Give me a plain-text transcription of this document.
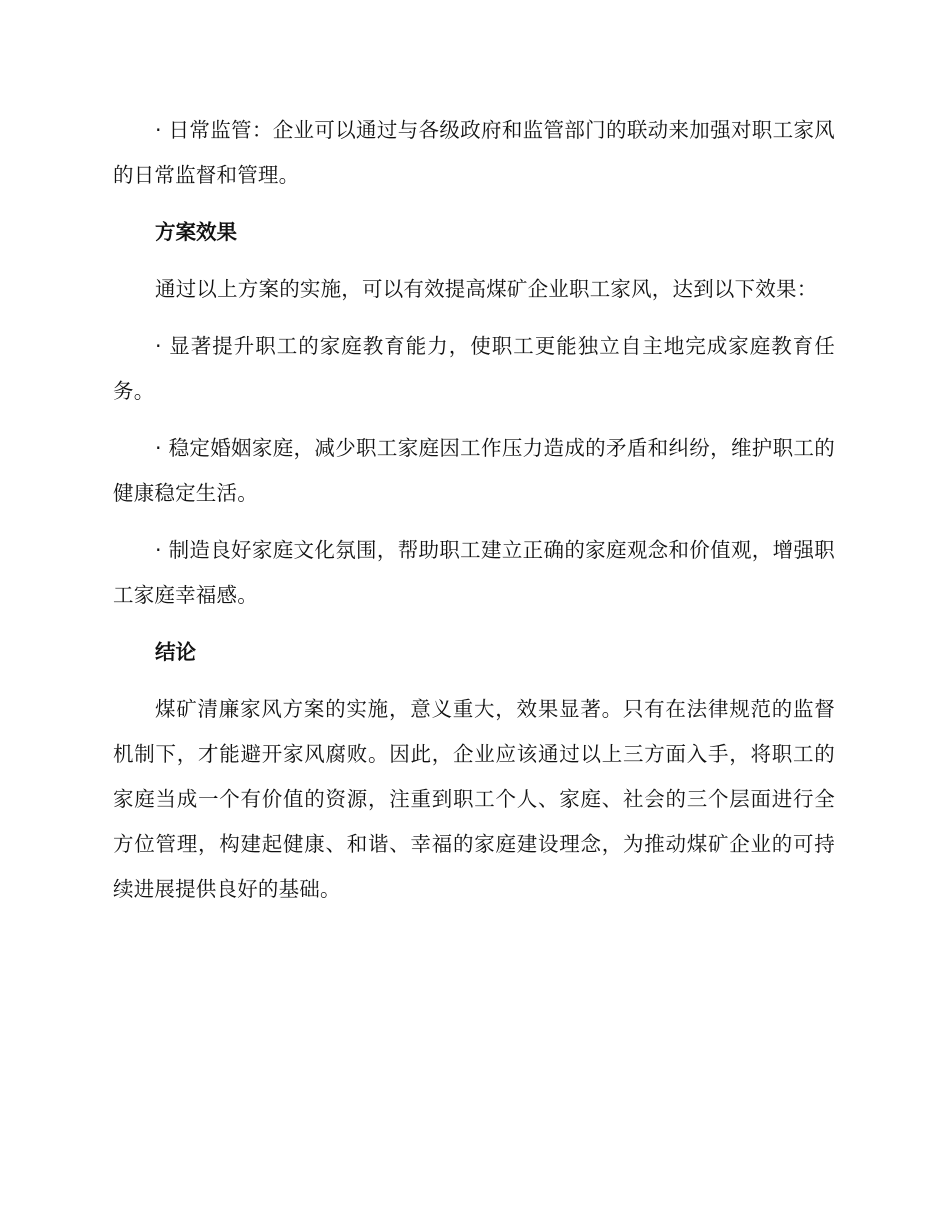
· 日常监管：企业可以通过与各级政府和监管部门的联动来加强对职工家风的日常监督和管理。

方案效果

通过以上方案的实施，可以有效提高煤矿企业职工家风，达到以下效果：

· 显著提升职工的家庭教育能力，使职工更能独立自主地完成家庭教育任务。

· 稳定婚姻家庭，减少职工家庭因工作压力造成的矛盾和纠纷，维护职工的健康稳定生活。

· 制造良好家庭文化氛围，帮助职工建立正确的家庭观念和价值观，增强职工家庭幸福感。

结论

煤矿清廉家风方案的实施，意义重大，效果显著。只有在法律规范的监督机制下，才能避开家风腐败。因此，企业应该通过以上三方面入手，将职工的家庭当成一个有价值的资源，注重到职工个人、家庭、社会的三个层面进行全方位管理，构建起健康、和谐、幸福的家庭建设理念，为推动煤矿企业的可持续进展提供良好的基础。
